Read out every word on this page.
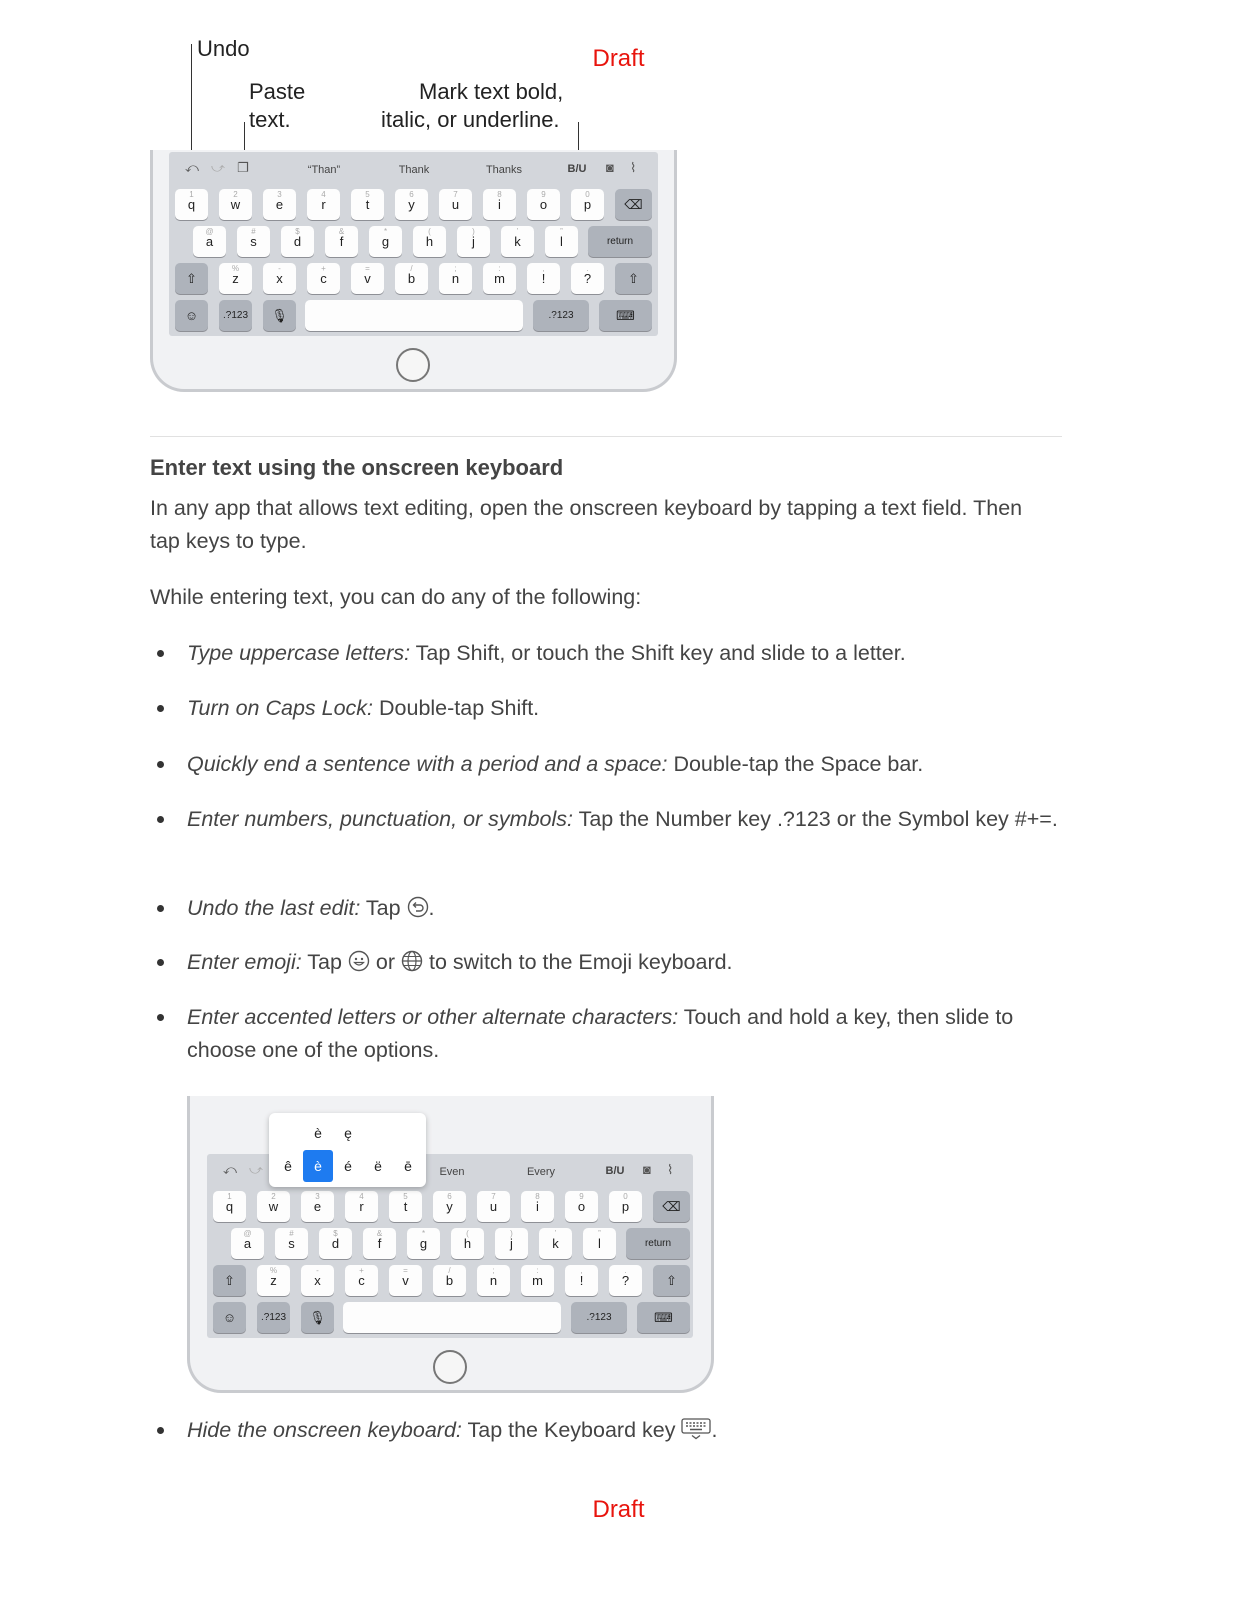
Draft
Draft
Undo
Paste
text.
Mark text bold,
italic, or underline.
⤺ ⤻ ❐	“Than”	Thank	Thanks	B/U	◙ ⌇
1
q
2
w
3
e
4
r
5
t
6
y
7
u
8
i
9
o
0
p	⌫
@
a
#
s
$
d
&
f
*
g
(
h
)
j
’
k
”
l	return
⇧
%
z
-
x
+
c
=
v
/
b
;
n
:
m
,
!
.
?	⇧
☺ .?123 🎙	.?123	⌨
Enter text using the onscreen keyboard
In any app that allows text editing, open the onscreen keyboard by tapping a text field. Then tap keys to type.
While entering text, you can do any of the following:
Type uppercase letters: Tap Shift, or touch the Shift key and slide to a letter.
Turn on Caps Lock: Double-tap Shift.
Quickly end a sentence with a period and a space: Double-tap the Space bar.
Enter numbers, punctuation, or symbols: Tap the Number key .?123 or the Symbol key #+=.
Undo the last edit: Tap .
Enter emoji: Tap  or  to switch to the Emoji keyboard.
Enter accented letters or other alternate characters: Touch and hold a key, then slide to choose one of the options.
Hide the onscreen keyboard: Tap the Keyboard key .
⤺ ⤻	Even	Every	B/U	◙ ⌇
1
q
2
w
3
e
4
r
5
t
6
y
7
u
8
i
9
o
0
p	⌫
@
a
#
s
$
d
&
f
*
g
(
h
)
j
’
k
”
l	return
⇧
%
z
-
x
+
c
=
v
/
b
;
n
:
m
,
!
.
?	⇧
☺ .?123 🎙	.?123	⌨
è	ę
ê	è	é	ë	ē
